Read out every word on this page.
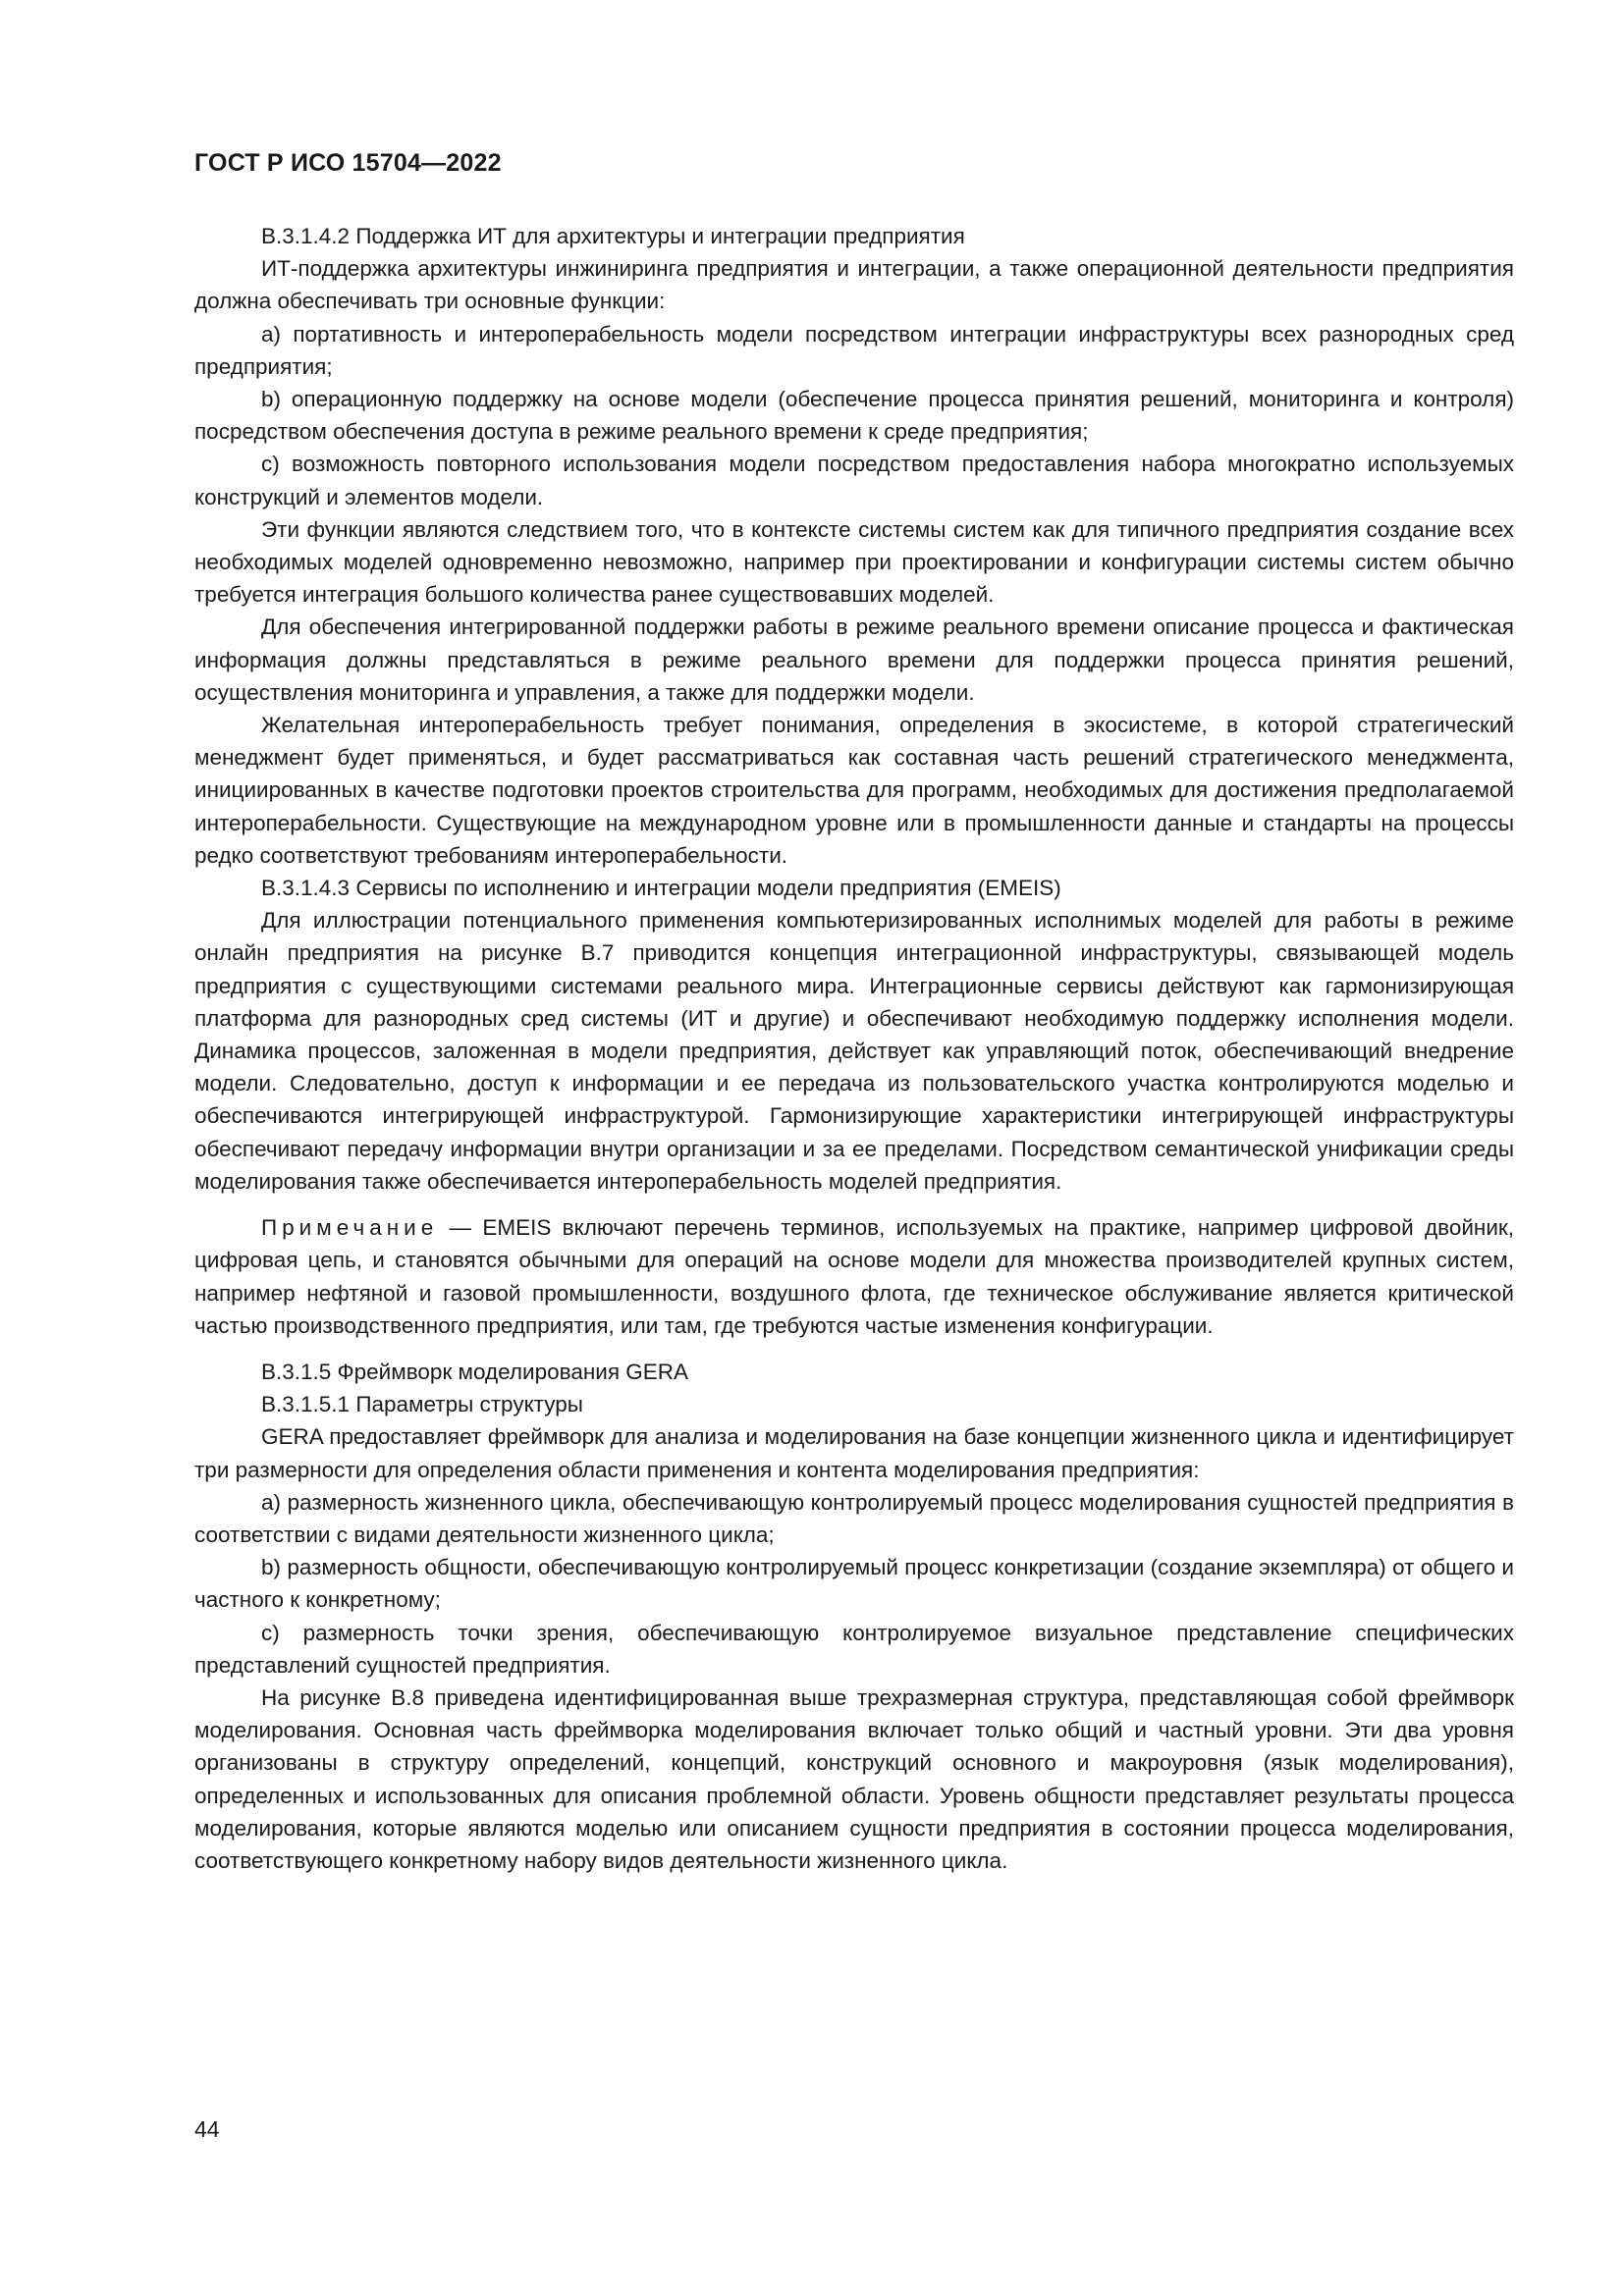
ГОСТ Р ИСО 15704—2022

В.3.1.4.2 Поддержка ИТ для архитектуры и интеграции предприятия

ИТ-поддержка архитектуры инжиниринга предприятия и интеграции, а также операционной деятельности предприятия должна обеспечивать три основные функции:

a) портативность и интероперабельность модели посредством интеграции инфраструктуры всех разнородных сред предприятия;

b) операционную поддержку на основе модели (обеспечение процесса принятия решений, мониторинга и контроля) посредством обеспечения доступа в режиме реального времени к среде предприятия;

c) возможность повторного использования модели посредством предоставления набора многократно используемых конструкций и элементов модели.

Эти функции являются следствием того, что в контексте системы систем как для типичного предприятия создание всех необходимых моделей одновременно невозможно, например при проектировании и конфигурации системы систем обычно требуется интеграция большого количества ранее существовавших моделей.

Для обеспечения интегрированной поддержки работы в режиме реального времени описание процесса и фактическая информация должны представляться в режиме реального времени для поддержки процесса принятия решений, осуществления мониторинга и управления, а также для поддержки модели.

Желательная интероперабельность требует понимания, определения в экосистеме, в которой стратегический менеджмент будет применяться, и будет рассматриваться как составная часть решений стратегического менеджмента, инициированных в качестве подготовки проектов строительства для программ, необходимых для достижения предполагаемой интероперабельности. Существующие на международном уровне или в промышленности данные и стандарты на процессы редко соответствуют требованиям интероперабельности.

В.3.1.4.3 Сервисы по исполнению и интеграции модели предприятия (EMEIS)

Для иллюстрации потенциального применения компьютеризированных исполнимых моделей для работы в режиме онлайн предприятия на рисунке В.7 приводится концепция интеграционной инфраструктуры, связывающей модель предприятия с существующими системами реального мира. Интеграционные сервисы действуют как гармонизирующая платформа для разнородных сред системы (ИТ и другие) и обеспечивают необходимую поддержку исполнения модели. Динамика процессов, заложенная в модели предприятия, действует как управляющий поток, обеспечивающий внедрение модели. Следовательно, доступ к информации и ее передача из пользовательского участка контролируются моделью и обеспечиваются интегрирующей инфраструктурой. Гармонизирующие характеристики интегрирующей инфраструктуры обеспечивают передачу информации внутри организации и за ее пределами. Посредством семантической унификации среды моделирования также обеспечивается интероперабельность моделей предприятия.

Примечание — EMEIS включают перечень терминов, используемых на практике, например цифровой двойник, цифровая цепь, и становятся обычными для операций на основе модели для множества производителей крупных систем, например нефтяной и газовой промышленности, воздушного флота, где техническое обслуживание является критической частью производственного предприятия, или там, где требуются частые изменения конфигурации.

В.3.1.5 Фреймворк моделирования GERA

В.3.1.5.1 Параметры структуры

GERA предоставляет фреймворк для анализа и моделирования на базе концепции жизненного цикла и идентифицирует три размерности для определения области применения и контента моделирования предприятия:

a) размерность жизненного цикла, обеспечивающую контролируемый процесс моделирования сущностей предприятия в соответствии с видами деятельности жизненного цикла;

b) размерность общности, обеспечивающую контролируемый процесс конкретизации (создание экземпляра) от общего и частного к конкретному;

c) размерность точки зрения, обеспечивающую контролируемое визуальное представление специфических представлений сущностей предприятия.

На рисунке В.8 приведена идентифицированная выше трехразмерная структура, представляющая собой фреймворк моделирования. Основная часть фреймворка моделирования включает только общий и частный уровни. Эти два уровня организованы в структуру определений, концепций, конструкций основного и макроуровня (язык моделирования), определенных и использованных для описания проблемной области. Уровень общности представляет результаты процесса моделирования, которые являются моделью или описанием сущности предприятия в состоянии процесса моделирования, соответствующего конкретному набору видов деятельности жизненного цикла.

44
